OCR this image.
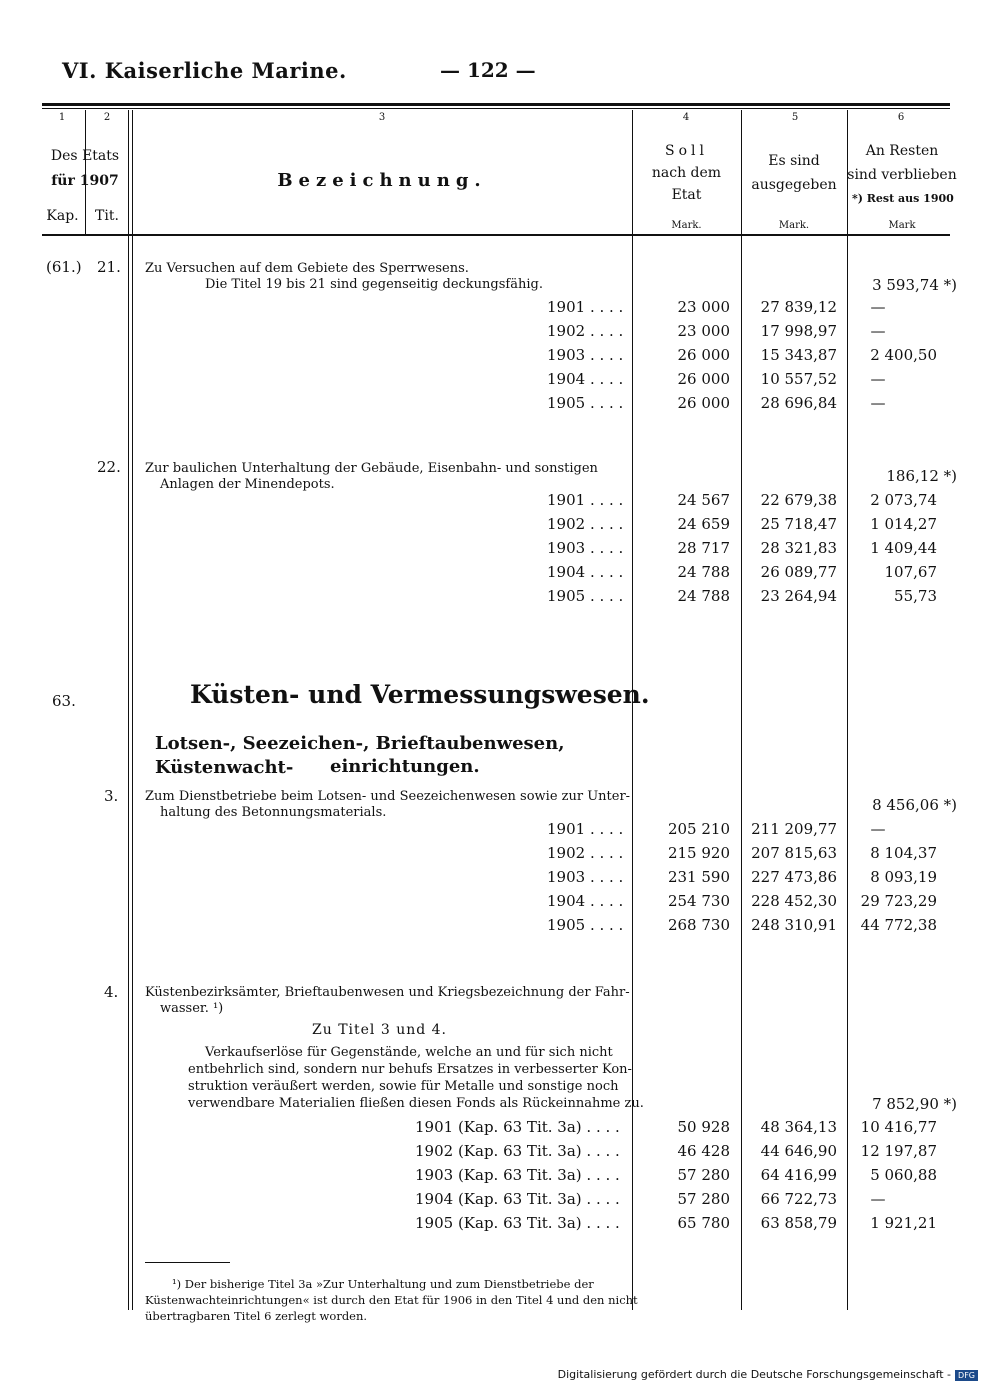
VI. Kaiserliche Marine.	— 122 —
1	2	3	4	5	6
Des Etats
für 1907
Kap.	Tit.
Bezeichnung.
Soll
nach dem
Etat
Es sind
ausgegeben
An Resten
sind verblieben
*) Rest aus 1900
Mark.	Mark.	Mark
(61.) 21. Zu Versuchen auf dem Gebiete des Sperrwesens.
Die Titel 19 bis 21 sind gegenseitig deckungsfähig.	3 593,74 *)
1901 . . . .	23 000	27 839,12	—
1902 . . . .	23 000	17 998,97	—
1903 . . . .	26 000	15 343,87	2 400,50
1904 . . . .	26 000	10 557,52	—
1905 . . . .	26 000	28 696,84	—
22. Zur baulichen Unterhaltung der Gebäude, Eisenbahn- und sonstigen
Anlagen der Minendepots.	186,12 *)
1901 . . . .	24 567	22 679,38	2 073,74
1902 . . . .	24 659	25 718,47	1 014,27
1903 . . . .	28 717	28 321,83	1 409,44
1904 . . . .	24 788	26 089,77	107,67
1905 . . . .	24 788	23 264,94	55,73
63.	Küsten- und Vermessungswesen.
Lotsen-, Seezeichen-, Brieftaubenwesen, Küstenwacht-	einrichtungen.
3. Zum Dienstbetriebe beim Lotsen- und Seezeichenwesen sowie zur Unter-
haltung des Betonnungsmaterials.	8 456,06 *)
1901 . . . .	205 210	211 209,77	—
1902 . . . .	215 920	207 815,63	8 104,37
1903 . . . .	231 590	227 473,86	8 093,19
1904 . . . .	254 730	228 452,30	29 723,29
1905 . . . .	268 730	248 310,91	44 772,38
4. Küstenbezirksämter, Brieftaubenwesen und Kriegsbezeichnung der Fahr-
wasser. ¹)
Zu Titel 3 und 4.
Verkaufserlöse für Gegenstände, welche an und für sich nicht
entbehrlich sind, sondern nur behufs Ersatzes in verbesserter Kon-
struktion veräußert werden, sowie für Metalle und sonstige noch
verwendbare Materialien fließen diesen Fonds als Rückeinnahme zu.	7 852,90 *)
1901 (Kap. 63 Tit. 3a) . . . .	50 928	48 364,13	10 416,77
1902 (Kap. 63 Tit. 3a) . . . .	46 428	44 646,90	12 197,87
1903 (Kap. 63 Tit. 3a) . . . .	57 280	64 416,99	5 060,88
1904 (Kap. 63 Tit. 3a) . . . .	57 280	66 722,73	—
1905 (Kap. 63 Tit. 3a) . . . .	65 780	63 858,79	1 921,21
¹) Der bisherige Titel 3a »Zur Unterhaltung und zum Dienstbetriebe der
Küstenwachteinrichtungen« ist durch den Etat für 1906 in den Titel 4 und den nicht
übertragbaren Titel 6 zerlegt worden.
Digitalisierung gefördert durch die Deutsche Forschungsgemeinschaft - DFG
